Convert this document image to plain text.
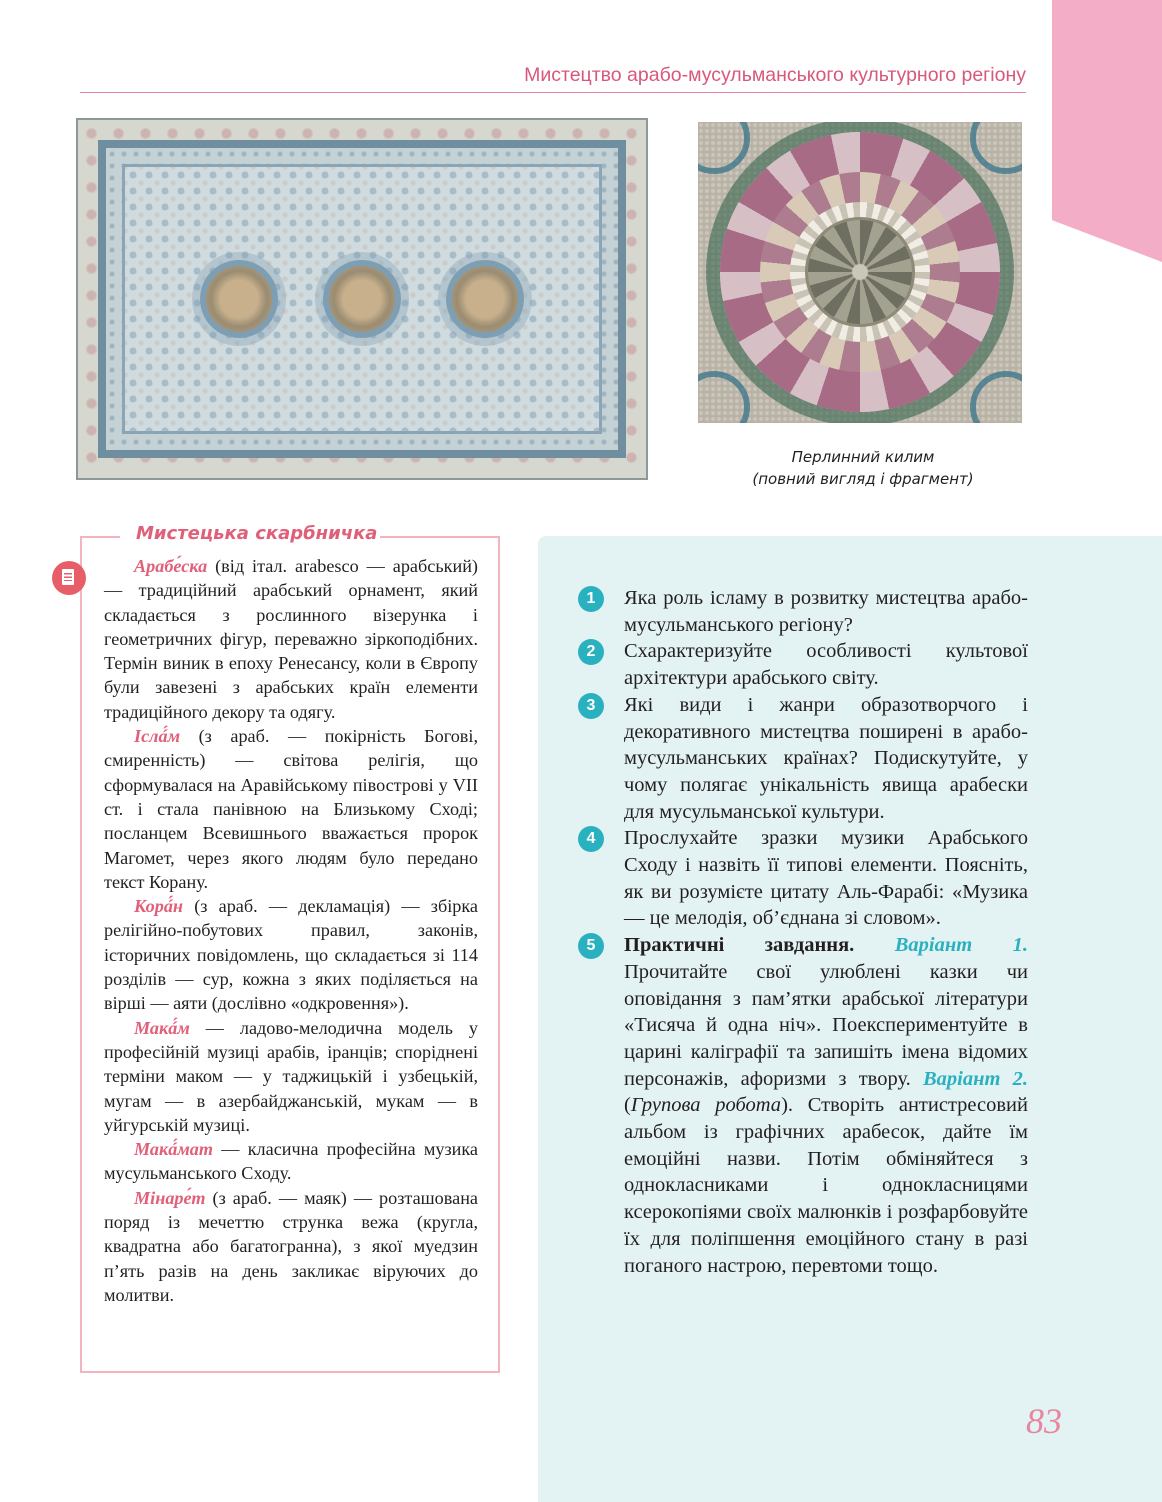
Мистецтво арабо-мусульманського культурного регіону
Перлинний килим
(повний вигляд і фрагмент)
Мистецька скарбничка

Арабе́ска (від італ. arabesco — арабський) — традиційний арабський орнамент, який складається з рослинного візерунка і геометричних фігур, переважно зіркоподібних. Термін виник в епоху Ренесансу, коли в Європу були завезені з арабських країн елементи традиційного декору та одягу.

Іслá́м (з араб. — покірність Богові, смиренність) — світова релігія, що сформувалася на Аравійському півострові у VII ст. і стала панівною на Близькому Сході; посланцем Всевишнього вважається пророк Магомет, через якого людям було передано текст Корану.

Корá́н (з араб. — декламація) — збірка релігійно-побутових правил, законів, історичних повідомлень, що складається зі 114 розділів — сур, кожна з яких поділяється на вірші — аяти (дослівно «одкровення»).

Макá́м — ладово-мелодична модель у професійній музиці арабів, іранців; споріднені терміни маком — у таджицькій і узбецькій, мугам — в азербайджанській, мукам — в уйгурській музиці.

Макá́мат — класична професійна музика мусульманського Сходу.

Мінаре́т (з араб. — маяк) — розташована поряд із мечеттю струнка вежа (кругла, квадратна або багатогранна), з якої муедзин п’ять разів на день закликає віруючих до молитви.

1	Яка роль ісламу в розвитку мистецтва арабо-мусульманського регіону?
2	Схарактеризуйте особливості культової архітектури арабського світу.
3	Які види і жанри образотворчого і декоративного мистецтва поширені в арабо-мусульманських країнах? Подискутуйте, у чому полягає унікальність явища арабески для мусульманської культури.
4	Прослухайте зразки музики Арабського Сходу і назвіть її типові елементи. Поясніть, як ви розумієте цитату Аль-Фарабі: «Музика — це мелодія, об’єднана зі словом».
5	Практичні завдання. Варіант 1. Прочитайте свої улюблені казки чи оповідання з пам’ятки арабської літератури «Тисяча й одна ніч». Поекспериментуйте в царині каліграфії та запишіть імена відомих персонажів, афоризми з твору. Варіант 2. (Групова робота). Створіть антистресовий альбом із графічних арабесок, дайте їм емоційні назви. Потім обміняйтеся з однокласниками і однокласницями ксерокопіями своїх малюнків і розфарбовуйте їх для поліпшення емоційного стану в разі поганого настрою, перевтоми тощо.
83
